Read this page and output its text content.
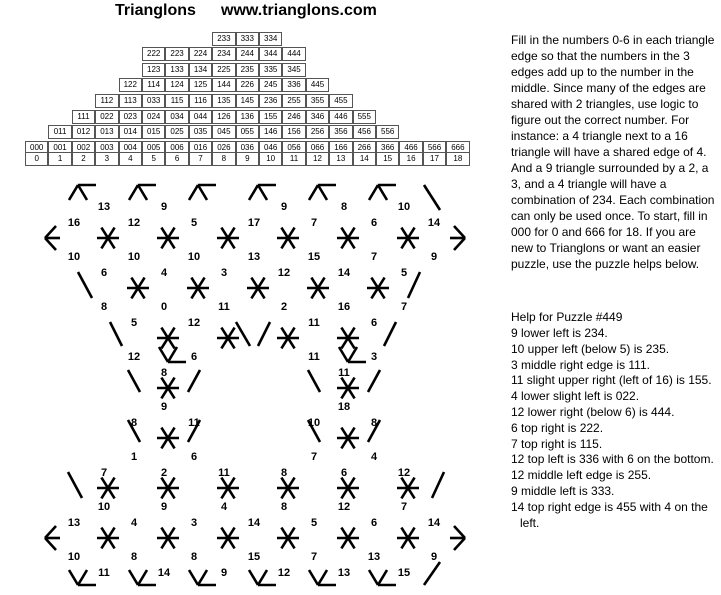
Trianglons www.trianglons.com
233	333	334
222	223	224	234	244	344	444
123	133	134	225	235	335	345
122	114	124	125	144	226	245	336	445
112	113	033	115	116	135	145	236	255	355	455
111	022	023	024	034	044	126	136	155	246	346	446	555
011	012	013	014	015	025	035	045	055	146	156	256	356	456	556
000	001	002	003	004	005	006	016	026	036	046	056	066	166	266	366	466	566	666
0	1	2	3	4	5	6	7	8	9	10	11	12	13	14	15	16	17	18
13	9	9	8	10
16	12	5	17	7	6	14
10	10	10	13	15	7	9
6	4	3	12	14	5
8	0	11	2	16	7
5	12	11	6
12	6	11	3
8	11
9	18
8	11	10	8
1	6	7	4
7	2	11	8	6	12
10	9	4	8	12	7
13	4	3	14	5	6	14
10	8	8	15	7	13	9
11	14	9	12	13	15
Fill in the numbers 0-6 in each triangle edge so that the numbers in the 3 edges add up to the number in the middle. Since many of the edges are shared with 2 triangles, use logic to figure out the correct number. For instance: a 4 triangle next to a 16 triangle will have a shared edge of 4. And a 9 triangle surrounded by a 2, a 3, and a 4 triangle will have a combination of 234. Each combination can only be used once. To start, fill in 000 for 0 and 666 for 18. If you are new to Trianglons or want an easier puzzle, use the puzzle helps below.
Help for Puzzle #449
9 lower left is 234.
10 upper left (below 5) is 235.
3 middle right edge is 111.
11 slight upper right (left of 16) is 155.
4 lower slight left is 022.
12 lower right (below 6) is 444.
6 top right is 222.
7 top right is 115.
12 top left is 336 with 6 on the bottom.
12 middle left edge is 255.
9 middle left is 333.
14 top right edge is 455 with 4 on the left.
